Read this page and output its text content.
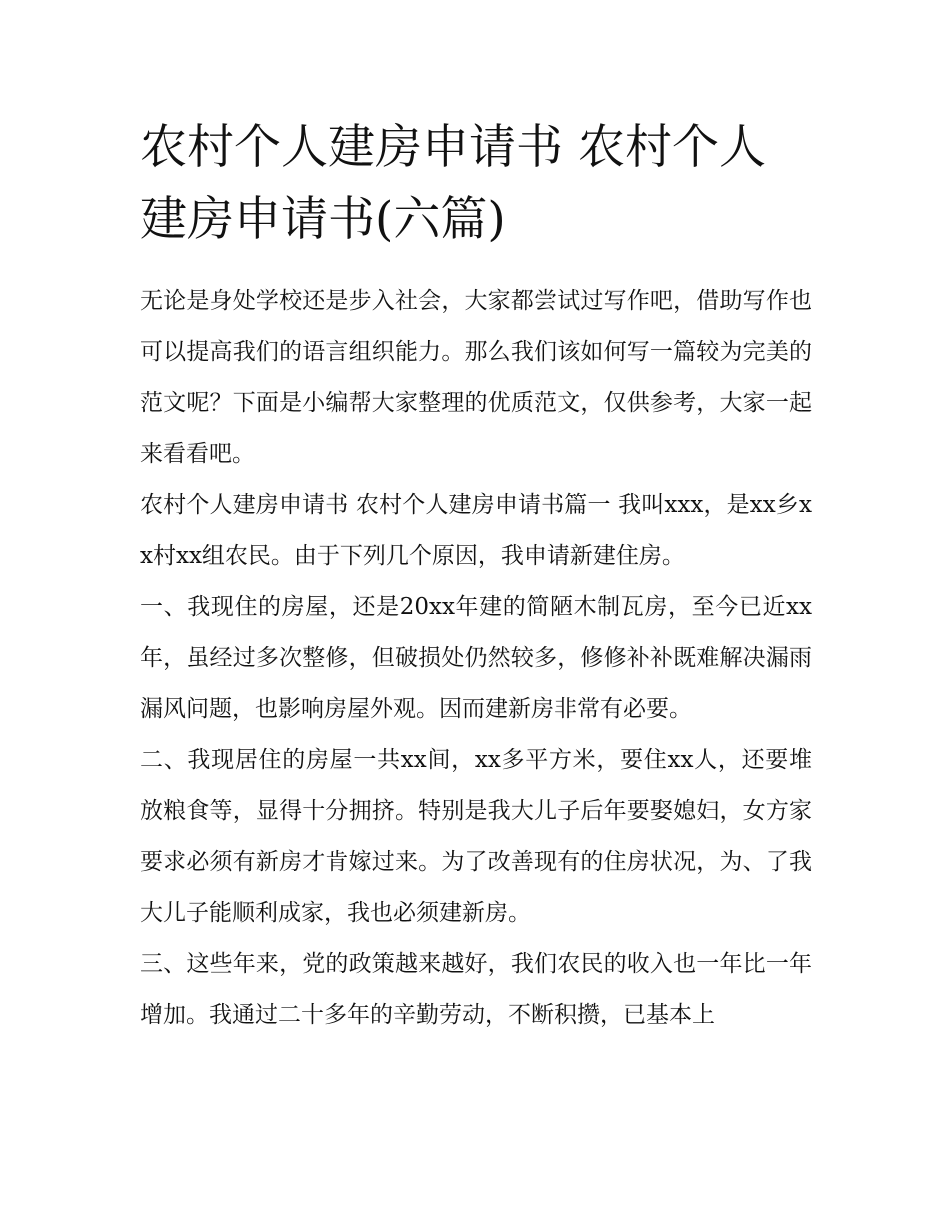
农村个人建房申请书 农村个人建房申请书(六篇)

无论是身处学校还是步入社会，大家都尝试过写作吧，借助写作也可以提高我们的语言组织能力。那么我们该如何写一篇较为完美的范文呢？下面是小编帮大家整理的优质范文，仅供参考，大家一起来看看吧。

农村个人建房申请书 农村个人建房申请书篇一 我叫xxx，是xx乡xx村xx组农民。由于下列几个原因，我申请新建住房。

一、我现住的房屋，还是20xx年建的简陋木制瓦房，至今已近xx年，虽经过多次整修，但破损处仍然较多，修修补补既难解决漏雨漏风问题，也影响房屋外观。因而建新房非常有必要。

二、我现居住的房屋一共xx间，xx多平方米，要住xx人，还要堆放粮食等，显得十分拥挤。特别是我大儿子后年要娶媳妇，女方家要求必须有新房才肯嫁过来。为了改善现有的住房状况，为、了我大儿子能顺利成家，我也必须建新房。

三、这些年来，党的政策越来越好，我们农民的收入也一年比一年增加。我通过二十多年的辛勤劳动，不断积攒，已基本上
